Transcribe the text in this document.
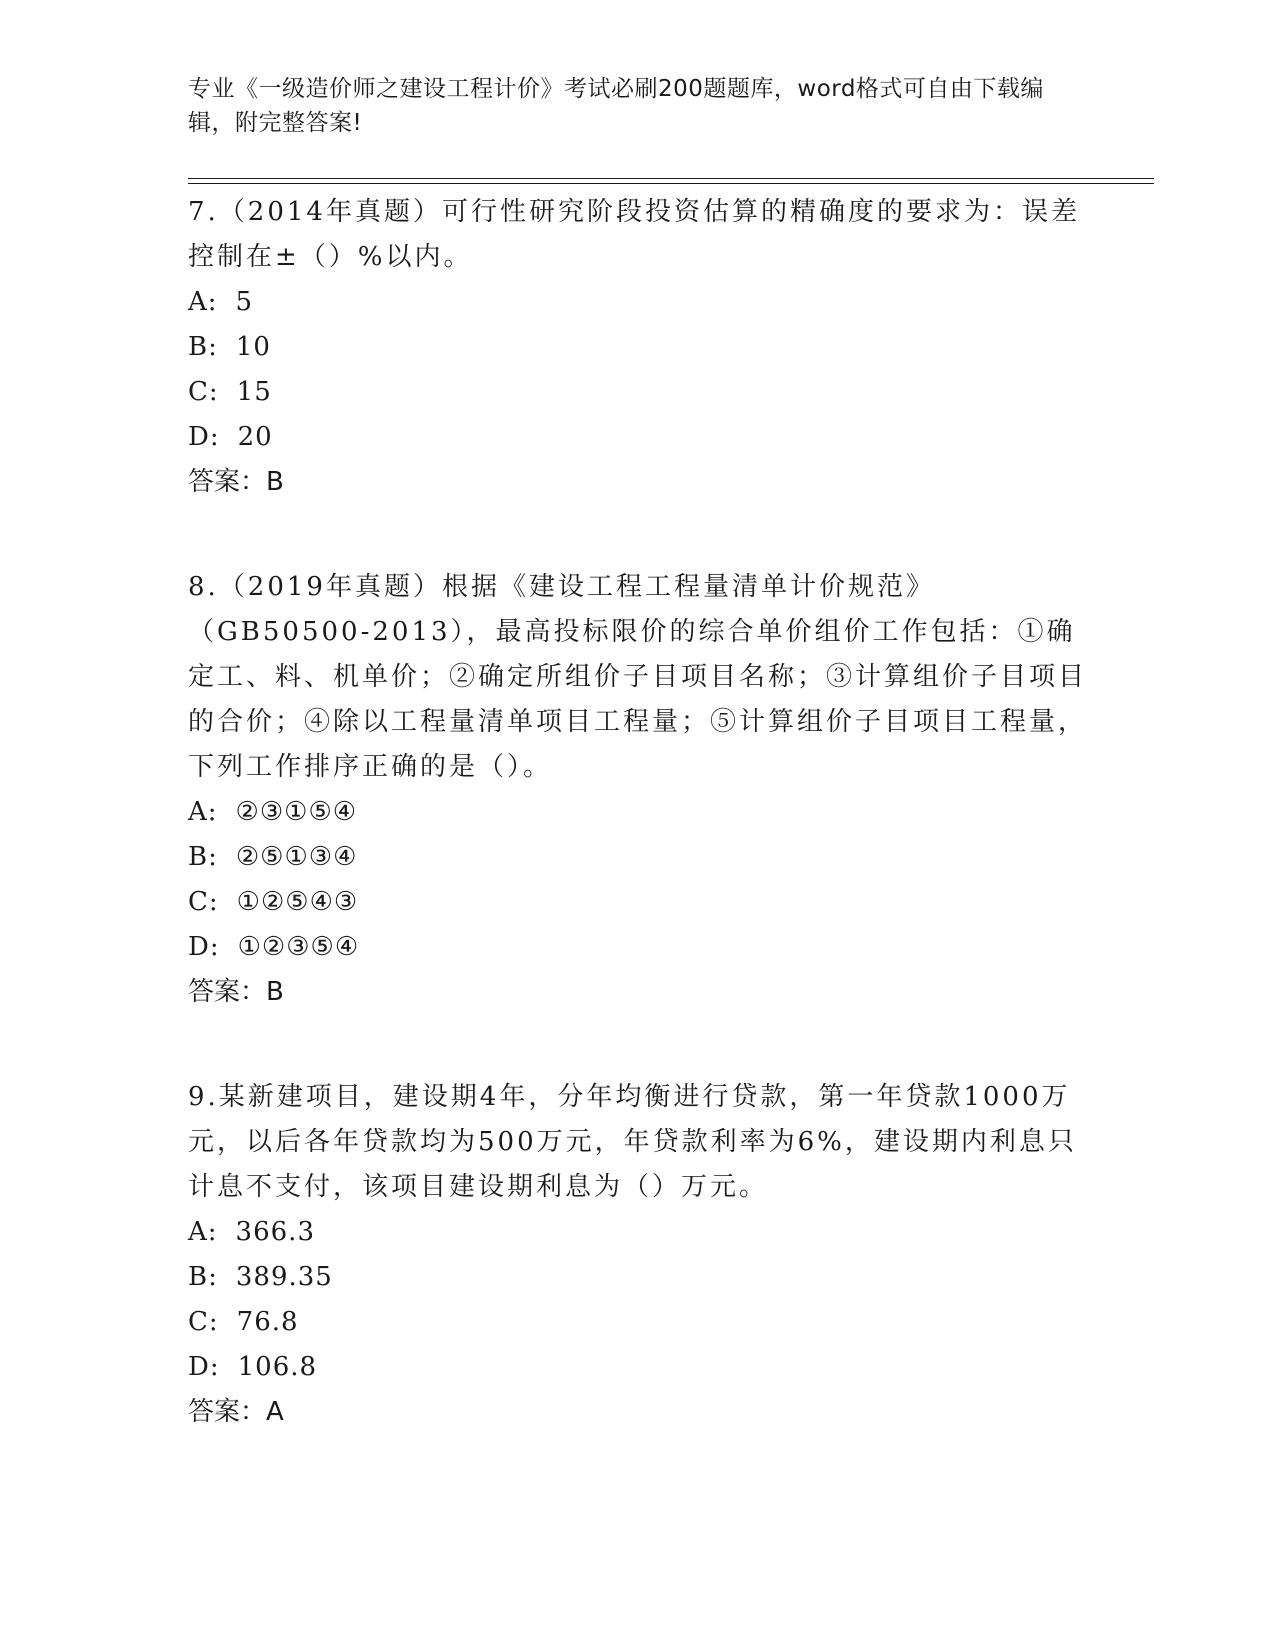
专业《一级造价师之建设工程计价》考试必刷200题题库，word格式可自由下载编辑，附完整答案!

7.（2014年真题）可行性研究阶段投资估算的精确度的要求为：误差控制在±（）%以内。

A: 5

B: 10

C: 15

D: 20

答案：B

8.（2019年真题）根据《建设工程工程量清单计价规范》（GB50500-2013），最高投标限价的综合单价组价工作包括：①确定工、料、机单价；②确定所组价子目项目名称；③计算组价子目项目的合价；④除以工程量清单项目工程量；⑤计算组价子目项目工程量，下列工作排序正确的是（）。

A: ②③①⑤④

B: ②⑤①③④

C: ①②⑤④③

D: ①②③⑤④

答案：B

9.某新建项目，建设期4年，分年均衡进行贷款，第一年贷款1000万元，以后各年贷款均为500万元，年贷款利率为6%，建设期内利息只计息不支付，该项目建设期利息为（）万元。

A: 366.3

B: 389.35

C: 76.8

D: 106.8

答案：A
